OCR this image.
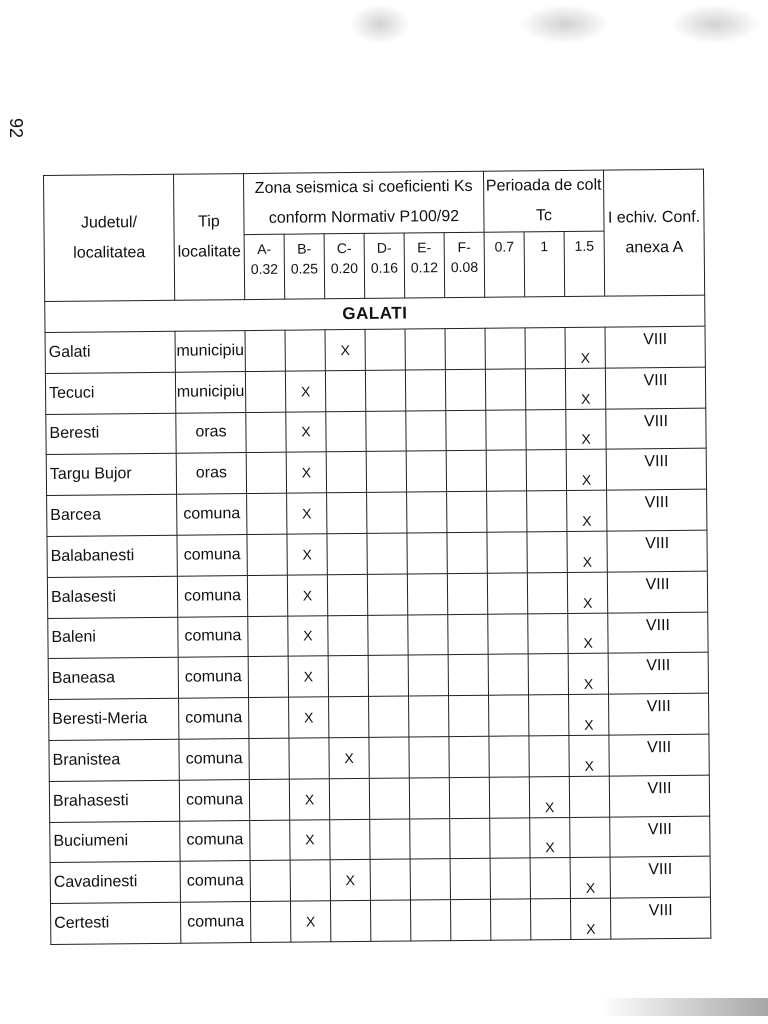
92
Judetul/ localitatea	Tip localitate	Zona seismica si coeficienti Ks conform Normativ P100/92						Perioada de colt Tc			I echiv. Conf. anexa A
		A- 0.32	B- 0.25	C- 0.20	D- 0.16	E- 0.12	F- 0.08	0.7	1	1.5	
GALATI											
Galati	municipiu			X						X	VIII
Tecuci	municipiu		X							X	VIII
Beresti	oras		X							X	VIII
Targu Bujor	oras		X							X	VIII
Barcea	comuna		X							X	VIII
Balabanesti	comuna		X							X	VIII
Balasesti	comuna		X							X	VIII
Baleni	comuna		X							X	VIII
Baneasa	comuna		X							X	VIII
Beresti-Meria	comuna		X							X	VIII
Branistea	comuna			X						X	VIII
Brahasesti	comuna		X						X		VIII
Buciumeni	comuna		X						X		VIII
Cavadinesti	comuna			X						X	VIII
Certesti	comuna		X							X	VIII
